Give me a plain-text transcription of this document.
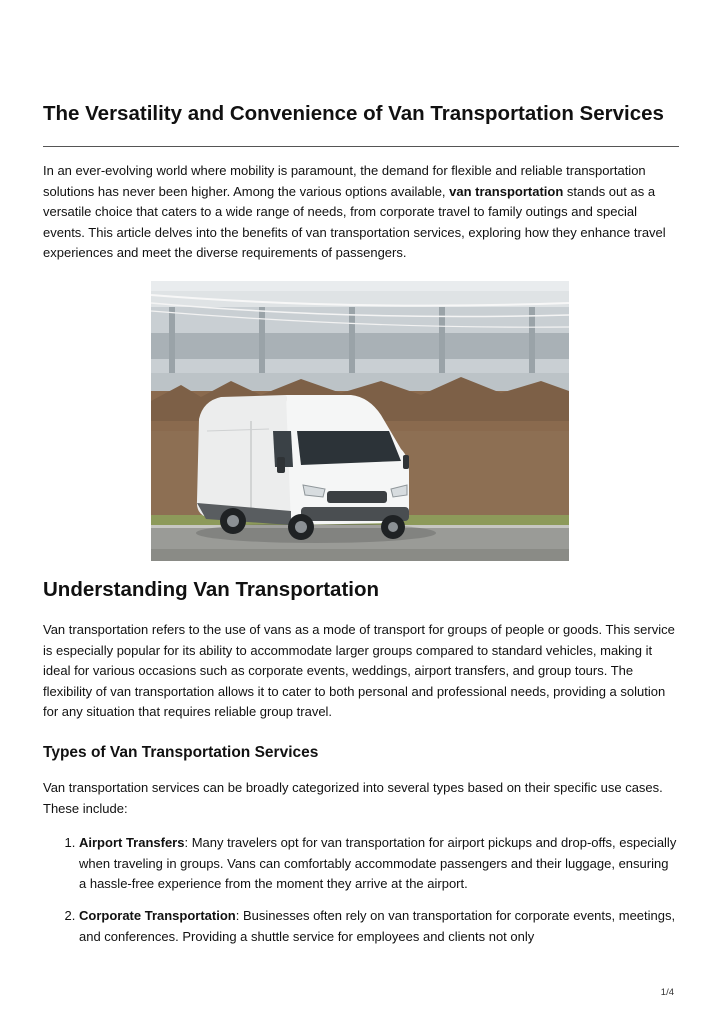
The Versatility and Convenience of Van Transportation Services

In an ever-evolving world where mobility is paramount, the demand for flexible and reliable transportation solutions has never been higher. Among the various options available, van transportation stands out as a versatile choice that caters to a wide range of needs, from corporate travel to family outings and special events. This article delves into the benefits of van transportation services, exploring how they enhance travel experiences and meet the diverse requirements of passengers.

Understanding Van Transportation

Van transportation refers to the use of vans as a mode of transport for groups of people or goods. This service is especially popular for its ability to accommodate larger groups compared to standard vehicles, making it ideal for various occasions such as corporate events, weddings, airport transfers, and group tours. The flexibility of van transportation allows it to cater to both personal and professional needs, providing a solution for any situation that requires reliable group travel.

Types of Van Transportation Services

Van transportation services can be broadly categorized into several types based on their specific use cases. These include:

1. Airport Transfers: Many travelers opt for van transportation for airport pickups and drop-offs, especially when traveling in groups. Vans can comfortably accommodate passengers and their luggage, ensuring a hassle-free experience from the moment they arrive at the airport.
2. Corporate Transportation: Businesses often rely on van transportation for corporate events, meetings, and conferences. Providing a shuttle service for employees and clients not only
1/4
